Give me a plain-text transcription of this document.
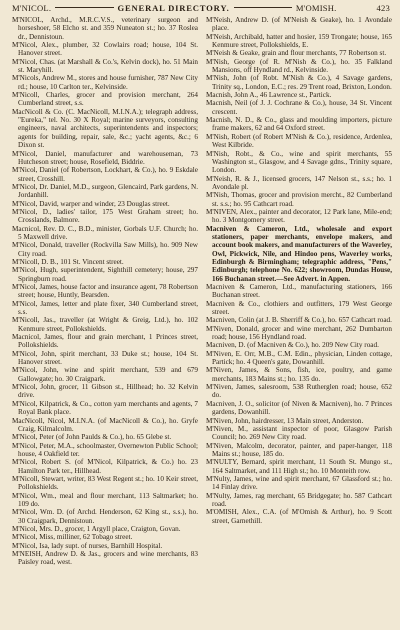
M'NICOL.	GENERAL DIRECTORY.	M'OMISH.	423

M'NICOL, Archd., M.R.C.V.S., veterinary surgeon and horseshoer, 58 Elcho st. and 359 Nuneaton st.; ho. 37 Roslea dr., Dennistoun.

M'Nicol, Alex., plumber, 32 Cowlairs road; house, 104 St. Hanover street.

M'Nicol, Chas. (at Marshall & Co.'s, Kelvin dock), ho. 51 Main st. Maryhill.

M'Nicols, Andrew M., stores and house furnisher, 787 New City rd.; house, 10 Carlton ter., Kelvinside.

M'Nicoll, Charles, grocer and provision merchant, 264 Cumberland street, s.s.

MacNicoll & Co. (C. MacNicoll, M.I.N.A.); telegraph address, "Eureka," tel. No. 30 X Royal; marine surveyors, consulting engineers, naval architects, superintendents and inspectors; agents for building, repair, sale, &c.; yacht agents, &c.; 6 Dixon st.

M'Nicol, Daniel, manufacturer and warehouseman, 73 Hutcheson street; house, Rosefield, Biddrie.

M'Nicol, Daniel (of Robertson, Lockhart, & Co.), ho. 9 Eskdale street, Crosshill.

M'Nicol, Dr. Daniel, M.D., surgeon, Glencaird, Park gardens, N. Jordanhill.

M'Nicol, David, warper and winder, 23 Douglas street.

M'Nicol, D., ladies' tailor, 175 West Graham street; ho. Crosslands, Balmore.

Macnicol, Rev. D. C., B.D., minister, Gorbals U.F. Church; ho. 5 Maxwell drive.

M'Nicol, Donald, traveller (Rockvilla Saw Mills), ho. 909 New City road.

M'Nicoll, D. B., 101 St. Vincent street.

M'Nicol, Hugh, superintendent, Sighthill cemetery; house, 297 Springburn road.

M'Nicol, James, house factor and insurance agent, 78 Robertson street; house, Huntly, Bearsden.

M'Nicol, James, letter and plate fixer, 340 Cumberland street, s.s.

M'Nicoll, Jas., traveller (at Wright & Greig, Ltd.), ho. 102 Kenmure street, Pollokshields.

Macnicol, James, flour and grain merchant, 1 Princes street, Pollokshields.

M'Nicol, John, spirit merchant, 33 Duke st.; house, 104 St. Hanover street.

M'Nicol, John, wine and spirit merchant, 539 and 679 Gallowgate; ho. 30 Craigpark.

M'Nicol, John, grocer, 11 Gibson st., Hillhead; ho. 32 Kelvin drive.

M'Nicol, Kilpatrick, & Co., cotton yarn merchants and agents, 7 Royal Bank place.

MacNicoll, Nicol, M.I.N.A. (of MacNicoll & Co.), ho. Gryfe Craig, Kilmalcolm.

M'Nicol, Peter (of John Paulds & Co.), ho. 65 Glebe st.

M'Nicol, Peter, M.A., schoolmaster, Overnewton Public School; house, 4 Oakfield ter.

M'Nicol, Robert S. (of M'Nicol, Kilpatrick, & Co.) ho. 23 Hamilton Park ter., Hillhead.

M'Nicoll, Stewart, writer, 83 West Regent st.; ho. 10 Keir street, Pollokshields.

M'Nicol, Wm., meal and flour merchant, 113 Saltmarket; ho. 109 do.

M'Nicol, Wm. D. (of Archd. Henderson, 62 King st., s.s.), ho. 30 Craigpark, Dennistoun.

M'Nicol, Mrs. D., grocer, 1 Argyll place, Craigton, Govan.

M'Nicol, Miss, milliner, 62 Tobago street.

M'Nicol, Isa, lady supt. of nurses, Barnhill Hospital.

M'NEISH, Andrew D. & Jas., grocers and wine merchants, 83 Paisley road, west.

M'Neish, Andrew D. (of M'Neish & Geake), ho. 1 Avondale place.

M'Neish, Archibald, hatter and hosier, 159 Trongate; house, 165 Kenmure street, Pollokshields, E.

M'Neish & Geake, grain and flour merchants, 77 Robertson st.

M'Nish, George (of R. M'Nish & Co.), ho. 35 Falkland Mansions, off Hyndland rd., Kelvinside.

M'Nish, John (of Robt. M'Nish & Co.), 4 Savage gardens, Trinity sq., London, E.C.; res. 29 Trent road, Brixton, London.

Macnish, John A., 46 Lawrence st., Partick.

Macnish, Neil (of J. J. Cochrane & Co.), house, 34 St. Vincent crescent.

Macnish, N. D., & Co., glass and moulding importers, picture frame makers, 62 and 64 Oxford street.

M'Nish, Robert (of Robert M'Nish & Co.), residence, Ardenlea, West Kilbride.

M'Nish, Robt., & Co., wine and spirit merchants, 55 Washington st., Glasgow, and 4 Savage gdns., Trinity square, London.

M'Neish, R. & J., licensed grocers, 147 Nelson st., s.s.; ho. 1 Avondale pl.

M'Nish, Thomas, grocer and provision mercht., 82 Cumberland st. s.s.; ho. 95 Cathcart road.

M'NIVEN, Alex., painter and decorator, 12 Park lane, Mile-end; ho. 3 Montgomery street.

Macniven & Cameron, Ltd., wholesale and export stationers, paper merchants, envelope makers, and account book makers, and manufacturers of the Waverley, Owl, Pickwick, Nile, and Hindoo pens, Waverley works, Edinburgh & Birmingham; telegraphic address, "Pens," Edinburgh; telephone No. 622; showroom, Dundas House, 166 Buchanan street.—See Advert. in Appen.

Macniven & Cameron, Ltd., manufacturing stationers, 166 Buchanan street.

Macniven & Co., clothiers and outfitters, 179 West George street.

Macniven, Colin (at J. B. Sherriff & Co.), ho. 657 Cathcart road.

M'Niven, Donald, grocer and wine merchant, 262 Dumbarton road; house, 156 Hyndland road.

Macniven, D. (of Macniven & Co.), ho. 209 New City road.

M'Niven, E. Orr, M.B., C.M. Edin., physician, Linden cottage, Partick; ho. 4 Queen's gate, Dowanhill.

M'Niven, James, & Sons, fish, ice, poultry, and game merchants, 183 Mains st.; ho. 135 do.

M'Niven, James, salesroom, 538 Rutherglen road; house, 652 do.

Macniven, J. O., solicitor (of Niven & Macniven), ho. 7 Princes gardens, Dowanhill.

M'Niven, John, hairdresser, 13 Main street, Anderston.

M'Niven, M., assistant inspector of poor, Glasgow Parish Council; ho. 269 New City road.

M'Niven, Malcolm, decorator, painter, and paper-hanger, 118 Mains st.; house, 185 do.

M'NULTY, Bernard, spirit merchant, 11 South St. Mungo st., 164 Saltmarket, and 111 High st.; ho. 10 Monteith row.

M'Nulty, James, wine and spirit merchant, 67 Glassford st.; ho. 14 Finlay drive.

M'Nulty, James, rag merchant, 65 Bridgegate; ho. 587 Cathcart road.

M'OMISH, Alex., C.A. (of M'Omish & Arthur), ho. 9 Scott street, Garnethill.
